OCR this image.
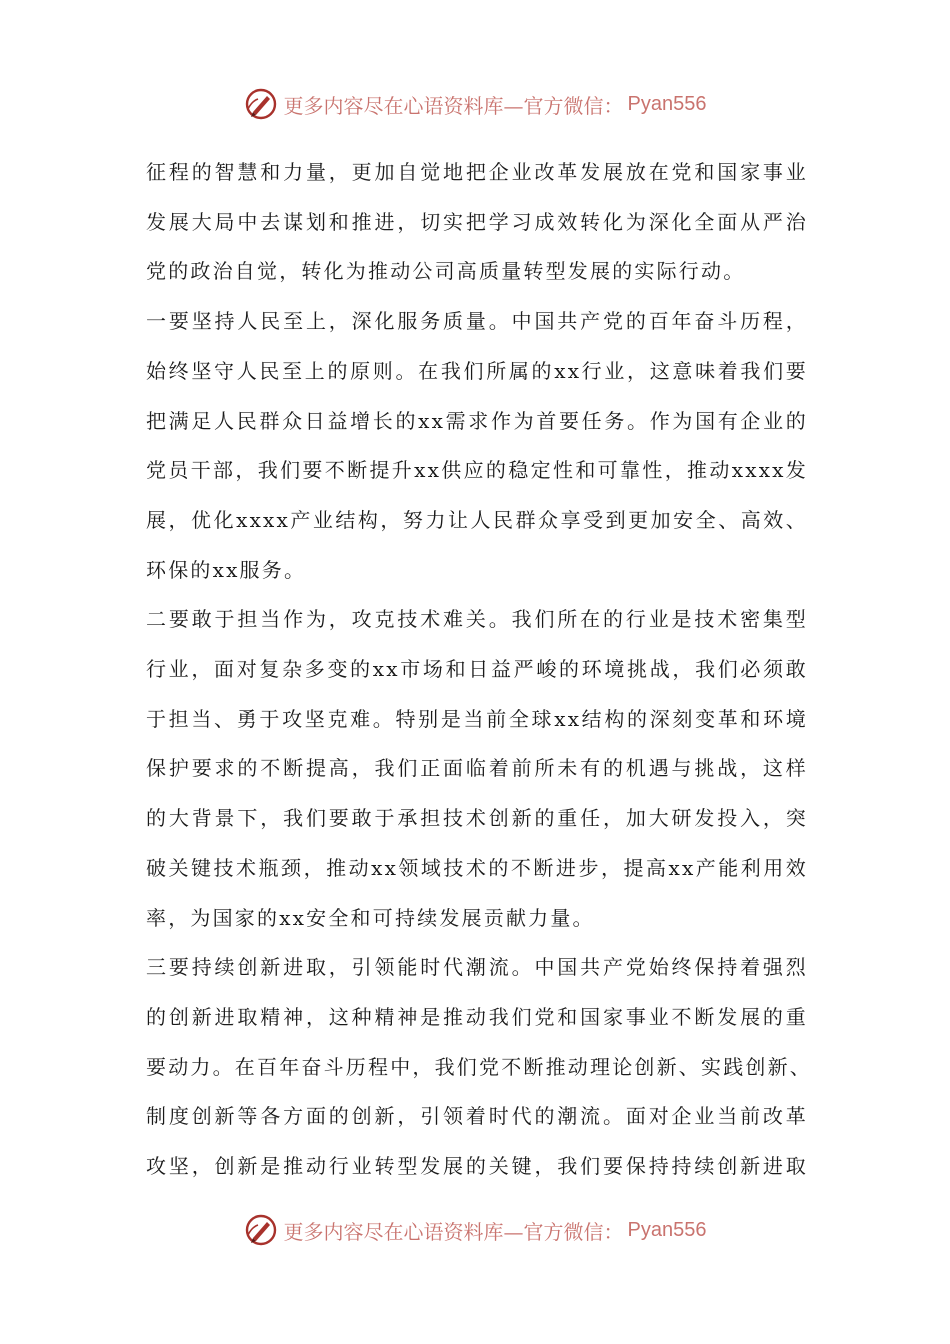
更多内容尽在心语资料库—官方微信： Pyan556

征程的智慧和力量，更加自觉地把企业改革发展放在党和国家事业
发展大局中去谋划和推进，切实把学习成效转化为深化全面从严治
党的政治自觉，转化为推动公司高质量转型发展的实际行动。

一要坚持人民至上，深化服务质量。中国共产党的百年奋斗历程，
始终坚守人民至上的原则。在我们所属的xx行业，这意味着我们要
把满足人民群众日益增长的xx需求作为首要任务。作为国有企业的
党员干部，我们要不断提升xx供应的稳定性和可靠性，推动xxxx发
展，优化xxxx产业结构，努力让人民群众享受到更加安全、高效、
环保的xx服务。

二要敢于担当作为，攻克技术难关。我们所在的行业是技术密集型
行业，面对复杂多变的xx市场和日益严峻的环境挑战，我们必须敢
于担当、勇于攻坚克难。特别是当前全球xx结构的深刻变革和环境
保护要求的不断提高，我们正面临着前所未有的机遇与挑战，这样
的大背景下，我们要敢于承担技术创新的重任，加大研发投入，突
破关键技术瓶颈，推动xx领域技术的不断进步，提高xx产能利用效
率，为国家的xx安全和可持续发展贡献力量。

三要持续创新进取，引领能时代潮流。中国共产党始终保持着强烈
的创新进取精神，这种精神是推动我们党和国家事业不断发展的重
要动力。在百年奋斗历程中，我们党不断推动理论创新、实践创新、
制度创新等各方面的创新，引领着时代的潮流。面对企业当前改革
攻坚，创新是推动行业转型发展的关键，我们要保持持续创新进取

更多内容尽在心语资料库—官方微信： Pyan556
